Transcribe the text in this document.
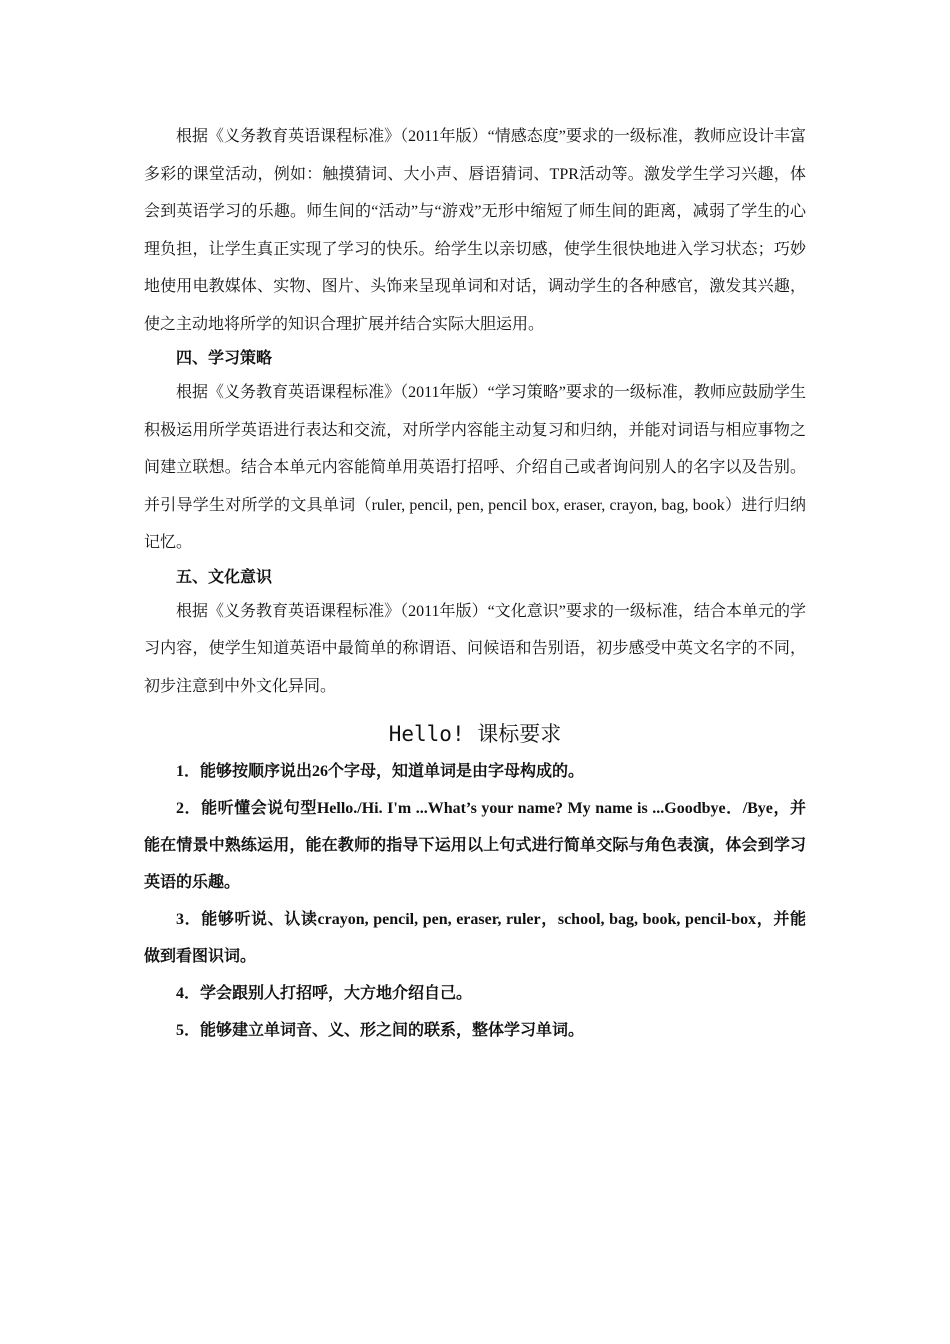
根据《义务教育英语课程标准》（2011年版）“情感态度”要求的一级标准，教师应设计丰富多彩的课堂活动，例如：触摸猜词、大小声、唇语猜词、TPR活动等。激发学生学习兴趣，体会到英语学习的乐趣。师生间的“活动”与“游戏”无形中缩短了师生间的距离，减弱了学生的心理负担，让学生真正实现了学习的快乐。给学生以亲切感，使学生很快地进入学习状态；巧妙地使用电教媒体、实物、图片、头饰来呈现单词和对话，调动学生的各种感官，激发其兴趣，使之主动地将所学的知识合理扩展并结合实际大胆运用。

四、学习策略

根据《义务教育英语课程标准》（2011年版）“学习策略”要求的一级标准，教师应鼓励学生积极运用所学英语进行表达和交流，对所学内容能主动复习和归纳，并能对词语与相应事物之间建立联想。结合本单元内容能简单用英语打招呼、介绍自己或者询问别人的名字以及告别。并引导学生对所学的文具单词（ruler, pencil, pen, pencil box, eraser, crayon, bag, book）进行归纳记忆。

五、文化意识

根据《义务教育英语课程标准》（2011年版）“文化意识”要求的一级标准，结合本单元的学习内容，使学生知道英语中最简单的称谓语、问候语和告别语，初步感受中英文名字的不同，初步注意到中外文化异同。

Hello! 课标要求

1．能够按顺序说出26个字母，知道单词是由字母构成的。

2．能听懂会说句型Hello./Hi. I'm ...What’s your name? My name is ...Goodbye．/Bye，并能在情景中熟练运用，能在教师的指导下运用以上句式进行简单交际与角色表演，体会到学习英语的乐趣。

3．能够听说、认读crayon, pencil, pen, eraser, ruler，school, bag, book, pencil-box，并能做到看图识词。

4．学会跟别人打招呼，大方地介绍自己。

5．能够建立单词音、义、形之间的联系，整体学习单词。
